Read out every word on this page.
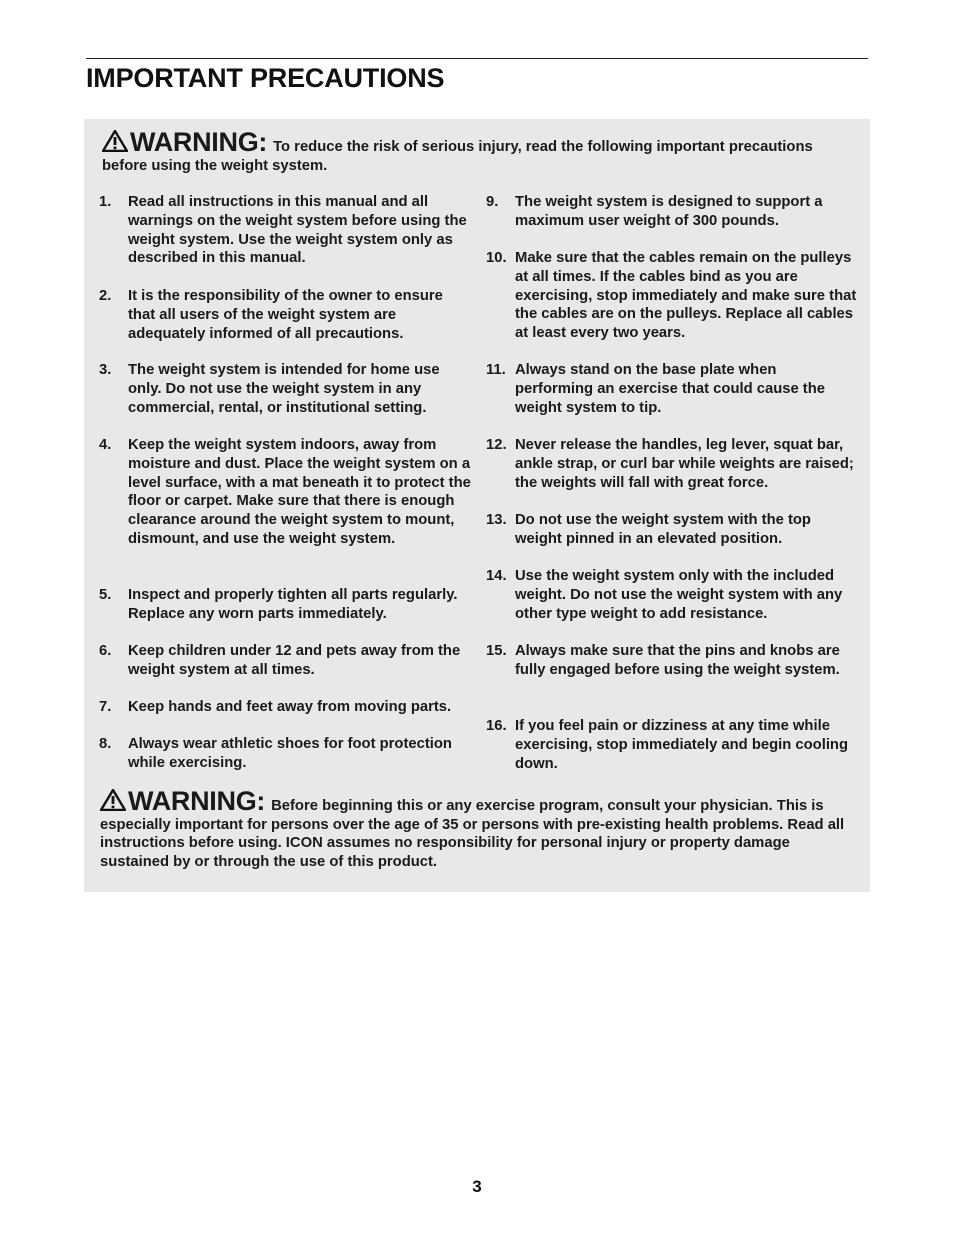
IMPORTANT PRECAUTIONS
WARNING: To reduce the risk of serious injury, read the following important precautions before using the weight system.
1. Read all instructions in this manual and all warnings on the weight system before using the weight system. Use the weight system only as described in this manual.
2. It is the responsibility of the owner to ensure that all users of the weight system are adequately informed of all precautions.
3. The weight system is intended for home use only. Do not use the weight system in any commercial, rental, or institutional setting.
4. Keep the weight system indoors, away from moisture and dust. Place the weight system on a level surface, with a mat beneath it to protect the floor or carpet. Make sure that there is enough clearance around the weight system to mount, dismount, and use the weight system.
5. Inspect and properly tighten all parts regularly. Replace any worn parts immediately.
6. Keep children under 12 and pets away from the weight system at all times.
7. Keep hands and feet away from moving parts.
8. Always wear athletic shoes for foot protection while exercising.
9. The weight system is designed to support a maximum user weight of 300 pounds.
10. Make sure that the cables remain on the pulleys at all times. If the cables bind as you are exercising, stop immediately and make sure that the cables are on the pulleys. Replace all cables at least every two years.
11. Always stand on the base plate when performing an exercise that could cause the weight system to tip.
12. Never release the handles, leg lever, squat bar, ankle strap, or curl bar while weights are raised; the weights will fall with great force.
13. Do not use the weight system with the top weight pinned in an elevated position.
14. Use the weight system only with the included weight. Do not use the weight system with any other type weight to add resistance.
15. Always make sure that the pins and knobs are fully engaged before using the weight system.
16. If you feel pain or dizziness at any time while exercising, stop immediately and begin cooling down.
WARNING: Before beginning this or any exercise program, consult your physician. This is especially important for persons over the age of 35 or persons with pre-existing health problems. Read all instructions before using. ICON assumes no responsibility for personal injury or property damage sustained by or through the use of this product.
3
